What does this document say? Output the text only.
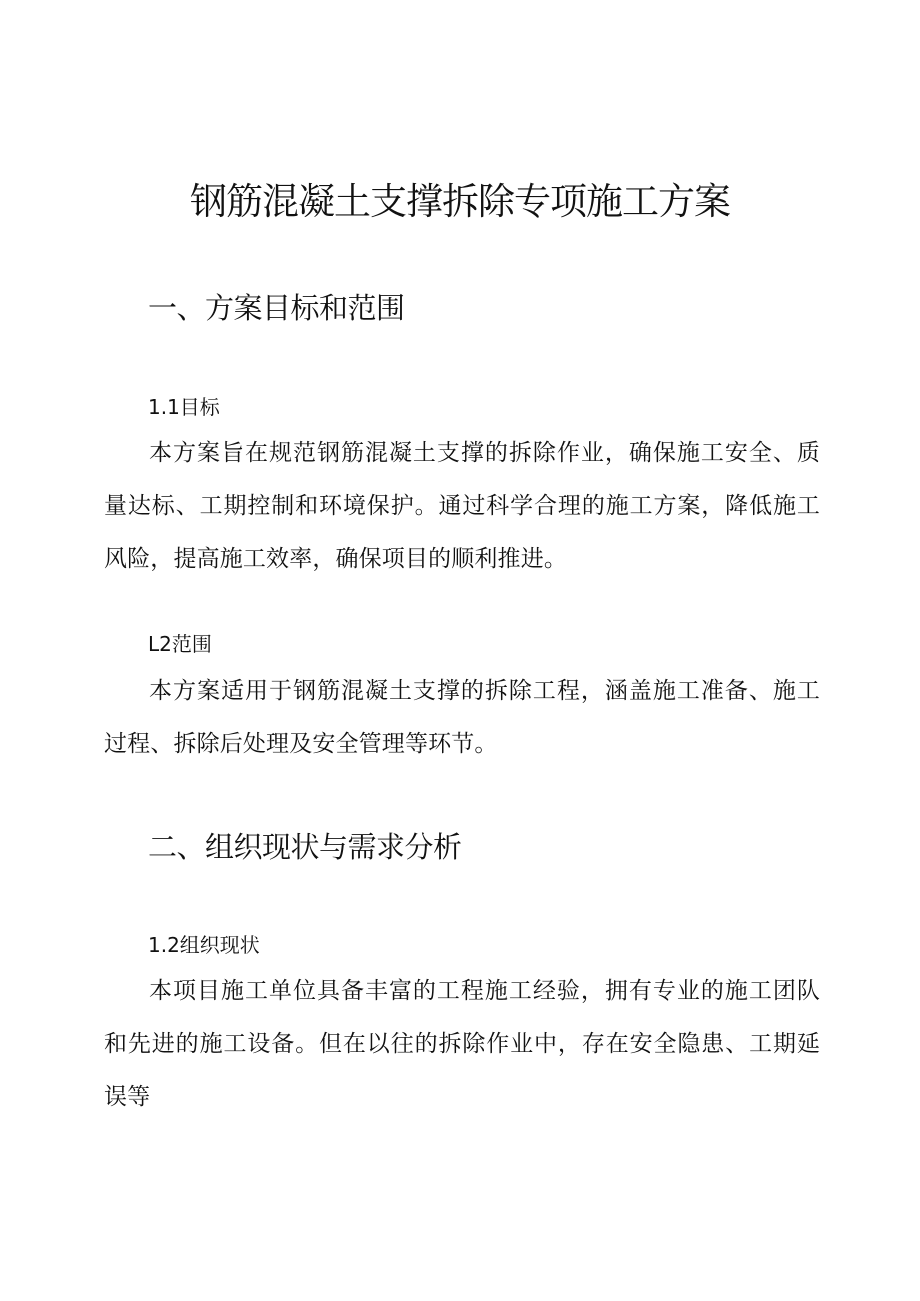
钢筋混凝土支撑拆除专项施工方案
一、方案目标和范围
1.1目标

本方案旨在规范钢筋混凝土支撑的拆除作业，确保施工安全、质量达标、工期控制和环境保护。通过科学合理的施工方案，降低施工风险，提高施工效率，确保项目的顺利推进。

L2范围

本方案适用于钢筋混凝土支撑的拆除工程，涵盖施工准备、施工过程、拆除后处理及安全管理等环节。

二、组织现状与需求分析
1.2组织现状

本项目施工单位具备丰富的工程施工经验，拥有专业的施工团队和先进的施工设备。但在以往的拆除作业中，存在安全隐患、工期延误等
